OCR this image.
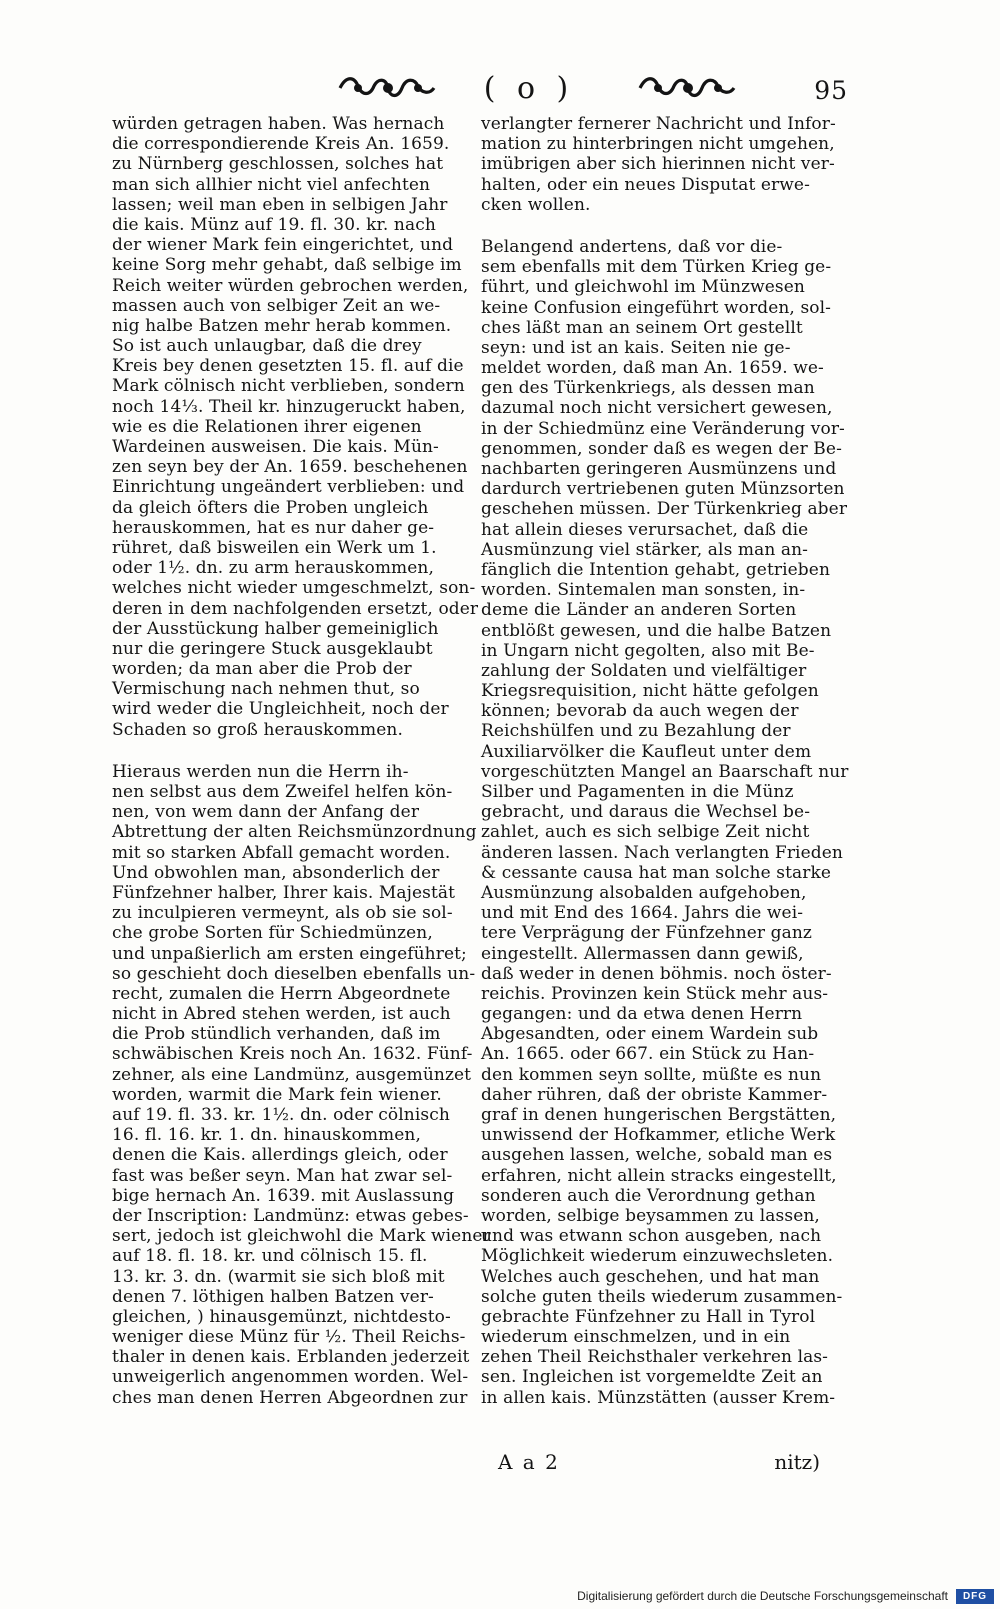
( o )	95
würden getragen haben. Was hernach
die correspondierende Kreis An. 1659.
zu Nürnberg geschlossen, solches hat
man sich allhier nicht viel anfechten
lassen; weil man eben in selbigen Jahr
die kais. Münz auf 19. fl. 30. kr. nach
der wiener Mark fein eingerichtet, und
keine Sorg mehr gehabt, daß selbige im
Reich weiter würden gebrochen werden,
massen auch von selbiger Zeit an we-
nig halbe Batzen mehr herab kommen.
So ist auch unlaugbar, daß die drey
Kreis bey denen gesetzten 15. fl. auf die
Mark cölnisch nicht verblieben, sondern
noch 14⅓. Theil kr. hinzugeruckt haben,
wie es die Relationen ihrer eigenen
Wardeinen ausweisen. Die kais. Mün-
zen seyn bey der An. 1659. beschehenen
Einrichtung ungeändert verblieben: und
da gleich öfters die Proben ungleich
herauskommen, hat es nur daher ge-
rühret, daß bisweilen ein Werk um 1.
oder 1½. dn. zu arm herauskommen,
welches nicht wieder umgeschmelzt, son-
deren in dem nachfolgenden ersetzt, oder
der Ausstückung halber gemeiniglich
nur die geringere Stuck ausgeklaubt
worden; da man aber die Prob der
Vermischung nach nehmen thut, so
wird weder die Ungleichheit, noch der
Schaden so groß herauskommen.
Hieraus werden nun die Herrn ih-
nen selbst aus dem Zweifel helfen kön-
nen, von wem dann der Anfang der
Abtrettung der alten Reichsmünzordnung
mit so starken Abfall gemacht worden.
Und obwohlen man, absonderlich der
Fünfzehner halber, Ihrer kais. Majestät
zu inculpieren vermeynt, als ob sie sol-
che grobe Sorten für Schiedmünzen,
und unpaßierlich am ersten eingeführet;
so geschieht doch dieselben ebenfalls un-
recht, zumalen die Herrn Abgeordnete
nicht in Abred stehen werden, ist auch
die Prob stündlich verhanden, daß im
schwäbischen Kreis noch An. 1632. Fünf-
zehner, als eine Landmünz, ausgemünzet
worden, warmit die Mark fein wiener.
auf 19. fl. 33. kr. 1½. dn. oder cölnisch
16. fl. 16. kr. 1. dn. hinauskommen,
denen die Kais. allerdings gleich, oder
fast was beßer seyn. Man hat zwar sel-
bige hernach An. 1639. mit Auslassung
der Inscription: Landmünz: etwas gebes-
sert, jedoch ist gleichwohl die Mark wiener
auf 18. fl. 18. kr. und cölnisch 15. fl.
13. kr. 3. dn. (warmit sie sich bloß mit
denen 7. löthigen halben Batzen ver-
gleichen, ) hinausgemünzt, nichtdesto-
weniger diese Münz für ½. Theil Reichs-
thaler in denen kais. Erblanden jederzeit
unweigerlich angenommen worden. Wel-
ches man denen Herren Abgeordnen zur
verlangter fernerer Nachricht und Infor-
mation zu hinterbringen nicht umgehen,
imübrigen aber sich hierinnen nicht ver-
halten, oder ein neues Disputat erwe-
cken wollen.
Belangend andertens, daß vor die-
sem ebenfalls mit dem Türken Krieg ge-
führt, und gleichwohl im Münzwesen
keine Confusion eingeführt worden, sol-
ches läßt man an seinem Ort gestellt
seyn: und ist an kais. Seiten nie ge-
meldet worden, daß man An. 1659. we-
gen des Türkenkriegs, als dessen man
dazumal noch nicht versichert gewesen,
in der Schiedmünz eine Veränderung vor-
genommen, sonder daß es wegen der Be-
nachbarten geringeren Ausmünzens und
dardurch vertriebenen guten Münzsorten
geschehen müssen. Der Türkenkrieg aber
hat allein dieses verursachet, daß die
Ausmünzung viel stärker, als man an-
fänglich die Intention gehabt, getrieben
worden. Sintemalen man sonsten, in-
deme die Länder an anderen Sorten
entblößt gewesen, und die halbe Batzen
in Ungarn nicht gegolten, also mit Be-
zahlung der Soldaten und vielfältiger
Kriegsrequisition, nicht hätte gefolgen
können; bevorab da auch wegen der
Reichshülfen und zu Bezahlung der
Auxiliarvölker die Kaufleut unter dem
vorgeschützten Mangel an Baarschaft nur
Silber und Pagamenten in die Münz
gebracht, und daraus die Wechsel be-
zahlet, auch es sich selbige Zeit nicht
änderen lassen. Nach verlangten Frieden
& cessante causa hat man solche starke
Ausmünzung alsobalden aufgehoben,
und mit End des 1664. Jahrs die wei-
tere Verprägung der Fünfzehner ganz
eingestellt. Allermassen dann gewiß,
daß weder in denen böhmis. noch öster-
reichis. Provinzen kein Stück mehr aus-
gegangen: und da etwa denen Herrn
Abgesandten, oder einem Wardein sub
An. 1665. oder 667. ein Stück zu Han-
den kommen seyn sollte, müßte es nun
daher rühren, daß der obriste Kammer-
graf in denen hungerischen Bergstätten,
unwissend der Hofkammer, etliche Werk
ausgehen lassen, welche, sobald man es
erfahren, nicht allein stracks eingestellt,
sonderen auch die Verordnung gethan
worden, selbige beysammen zu lassen,
und was etwann schon ausgeben, nach
Möglichkeit wiederum einzuwechsleten.
Welches auch geschehen, und hat man
solche guten theils wiederum zusammen-
gebrachte Fünfzehner zu Hall in Tyrol
wiederum einschmelzen, und in ein
zehen Theil Reichsthaler verkehren las-
sen. Ingleichen ist vorgemeldte Zeit an
in allen kais. Münzstätten (ausser Krem-
A a 2	nitz)
Digitalisierung gefördert durch die Deutsche Forschungsgemeinschaft	DFG
